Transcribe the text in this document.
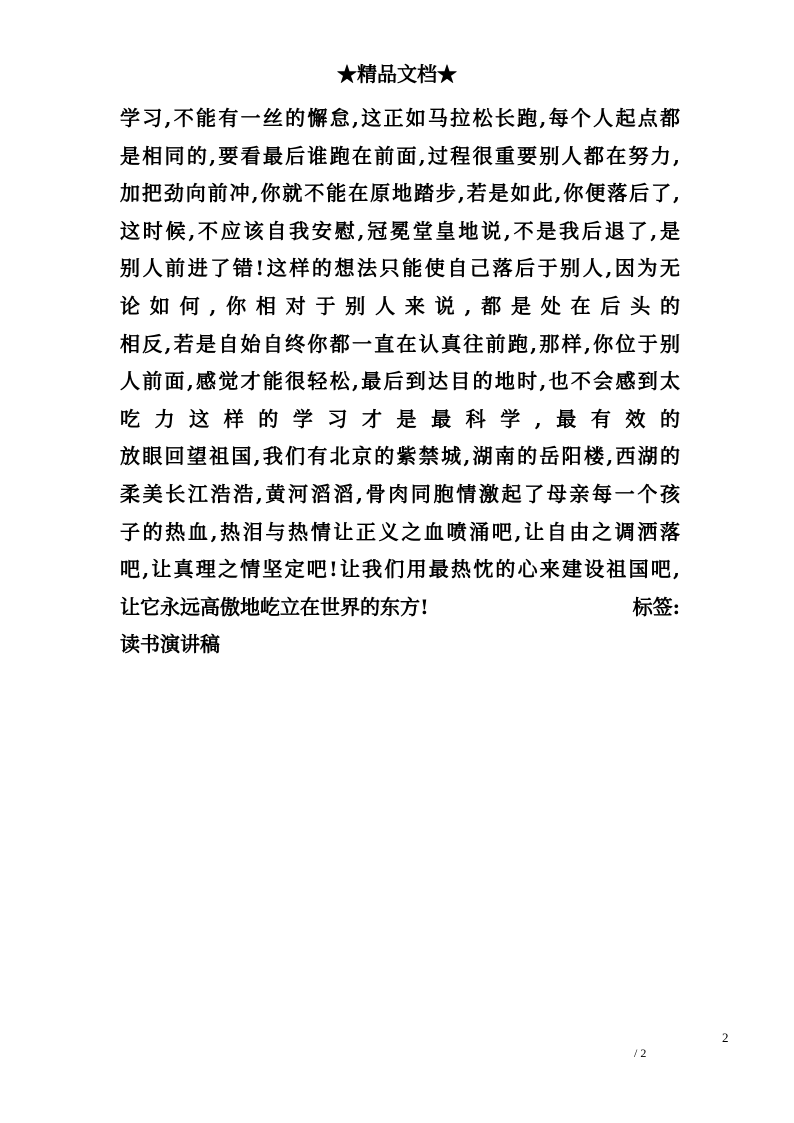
★精品文档★
学习,不能有一丝的懈怠,这正如马拉松长跑,每个人起点都
是相同的,要看最后谁跑在前面,过程很重要别人都在努力,
加把劲向前冲,你就不能在原地踏步,若是如此,你便落后了,
这时候,不应该自我安慰,冠冕堂皇地说,不是我后退了,是
别人前进了错!这样的想法只能使自己落后于别人,因为无
论如何,你相对于别人来说,都是处在后头的
相反,若是自始自终你都一直在认真往前跑,那样,你位于别
人前面,感觉才能很轻松,最后到达目的地时,也不会感到太
吃力这样的学习才是最科学,最有效的
放眼回望祖国,我们有北京的紫禁城,湖南的岳阳楼,西湖的
柔美长江浩浩,黄河滔滔,骨肉同胞情激起了母亲每一个孩
子的热血,热泪与热情让正义之血喷涌吧,让自由之调洒落
吧,让真理之情坚定吧!让我们用最热忱的心来建设祖国吧,
让它永远高傲地屹立在世界的东方!	标签:
读书演讲稿
2
/ 2
